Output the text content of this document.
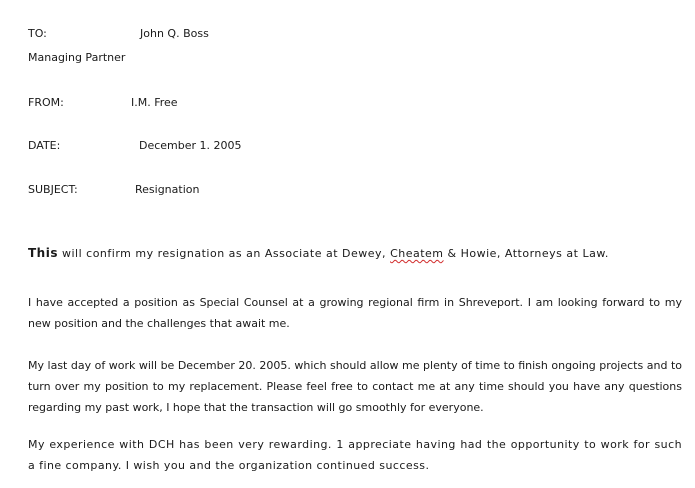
TO:	John Q. Boss
Managing Partner
FROM:	I.M. Free
DATE:	December 1. 2005
SUBJECT:	Resignation
This will confirm my resignation as an Associate at Dewey, Cheatem & Howie, Attorneys at Law.

I have accepted a position as Special Counsel at a growing regional firm in Shreveport. I am looking forward to my new position and the challenges that await me.

My last day of work will be December 20. 2005. which should allow me plenty of time to finish ongoing projects and to turn over my position to my replacement. Please feel free to contact me at any time should you have any questions regarding my past work, I hope that the transaction will go smoothly for everyone.

My experience with DCH has been very rewarding. 1 appreciate having had the opportunity to work for such a fine company. I wish you and the organization continued success.
